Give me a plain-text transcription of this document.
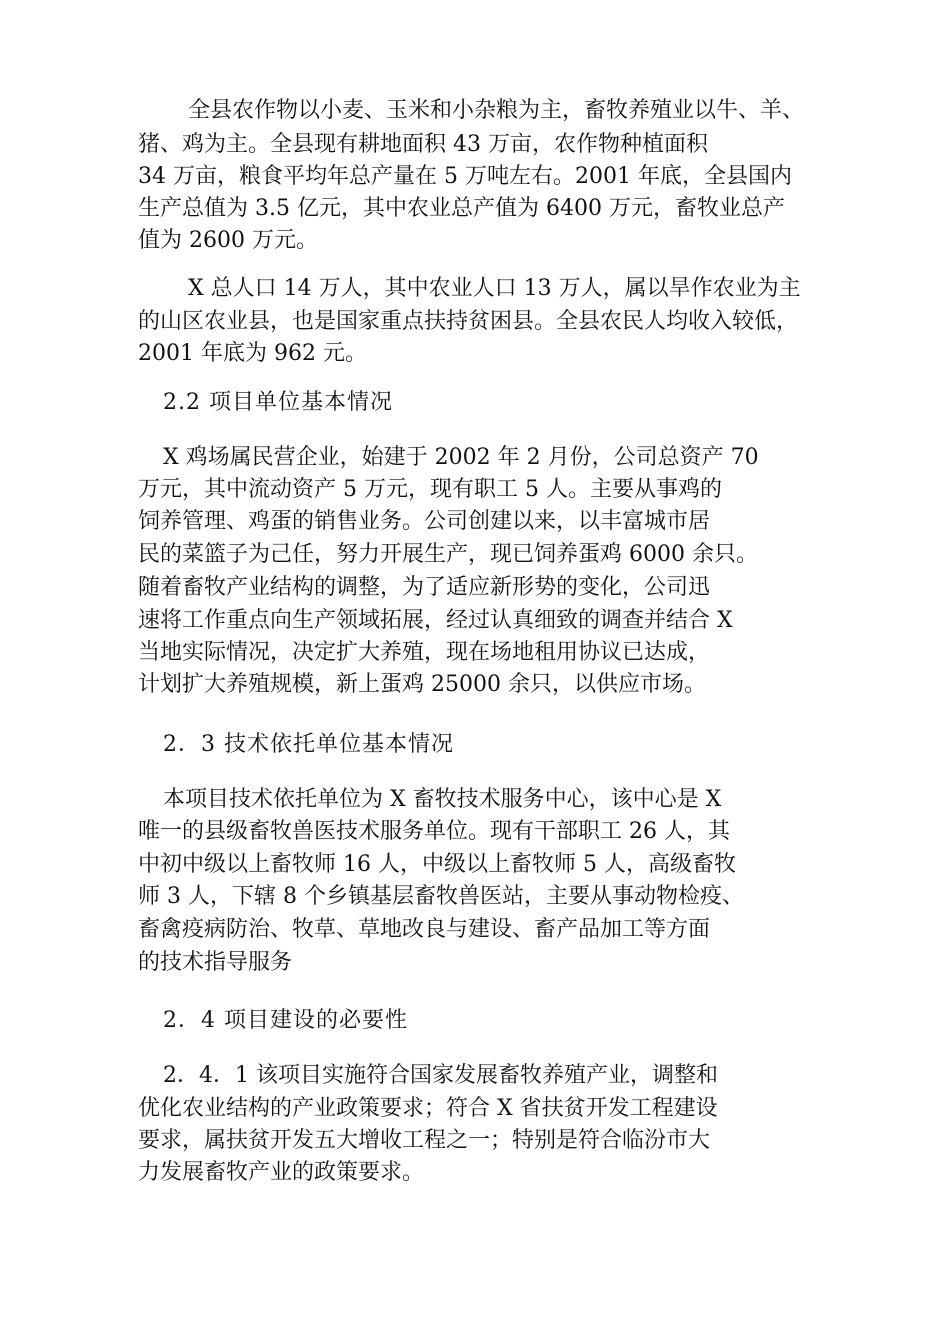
全县农作物以小麦、玉米和小杂粮为主，畜牧养殖业以牛、羊、
猪、鸡为主。全县现有耕地面积 43 万亩，农作物种植面积
34 万亩，粮食平均年总产量在 5 万吨左右。2001 年底，全县国内
生产总值为 3.5 亿元，其中农业总产值为 6400 万元，畜牧业总产
值为 2600 万元。
X 总人口 14 万人，其中农业人口 13 万人，属以旱作农业为主
的山区农业县，也是国家重点扶持贫困县。全县农民人均收入较低，
2001 年底为 962 元。
2.2 项目单位基本情况
X 鸡场属民营企业，始建于 2002 年 2 月份，公司总资产 70
万元，其中流动资产 5 万元，现有职工 5 人。主要从事鸡的
饲养管理、鸡蛋的销售业务。公司创建以来，以丰富城市居
民的菜篮子为己任，努力开展生产，现已饲养蛋鸡 6000 余只。
随着畜牧产业结构的调整，为了适应新形势的变化，公司迅
速将工作重点向生产领域拓展，经过认真细致的调查并结合 X
当地实际情况，决定扩大养殖，现在场地租用协议已达成，
计划扩大养殖规模，新上蛋鸡 25000 余只，以供应市场。
2．3 技术依托单位基本情况
本项目技术依托单位为 X 畜牧技术服务中心，该中心是 X
唯一的县级畜牧兽医技术服务单位。现有干部职工 26 人，其
中初中级以上畜牧师 16 人，中级以上畜牧师 5 人，高级畜牧
师 3 人，下辖 8 个乡镇基层畜牧兽医站，主要从事动物检疫、
畜禽疫病防治、牧草、草地改良与建设、畜产品加工等方面
的技术指导服务
2．4 项目建设的必要性
2．4．1 该项目实施符合国家发展畜牧养殖产业，调整和
优化农业结构的产业政策要求；符合 X 省扶贫开发工程建设
要求，属扶贫开发五大增收工程之一；特别是符合临汾市大
力发展畜牧产业的政策要求。
